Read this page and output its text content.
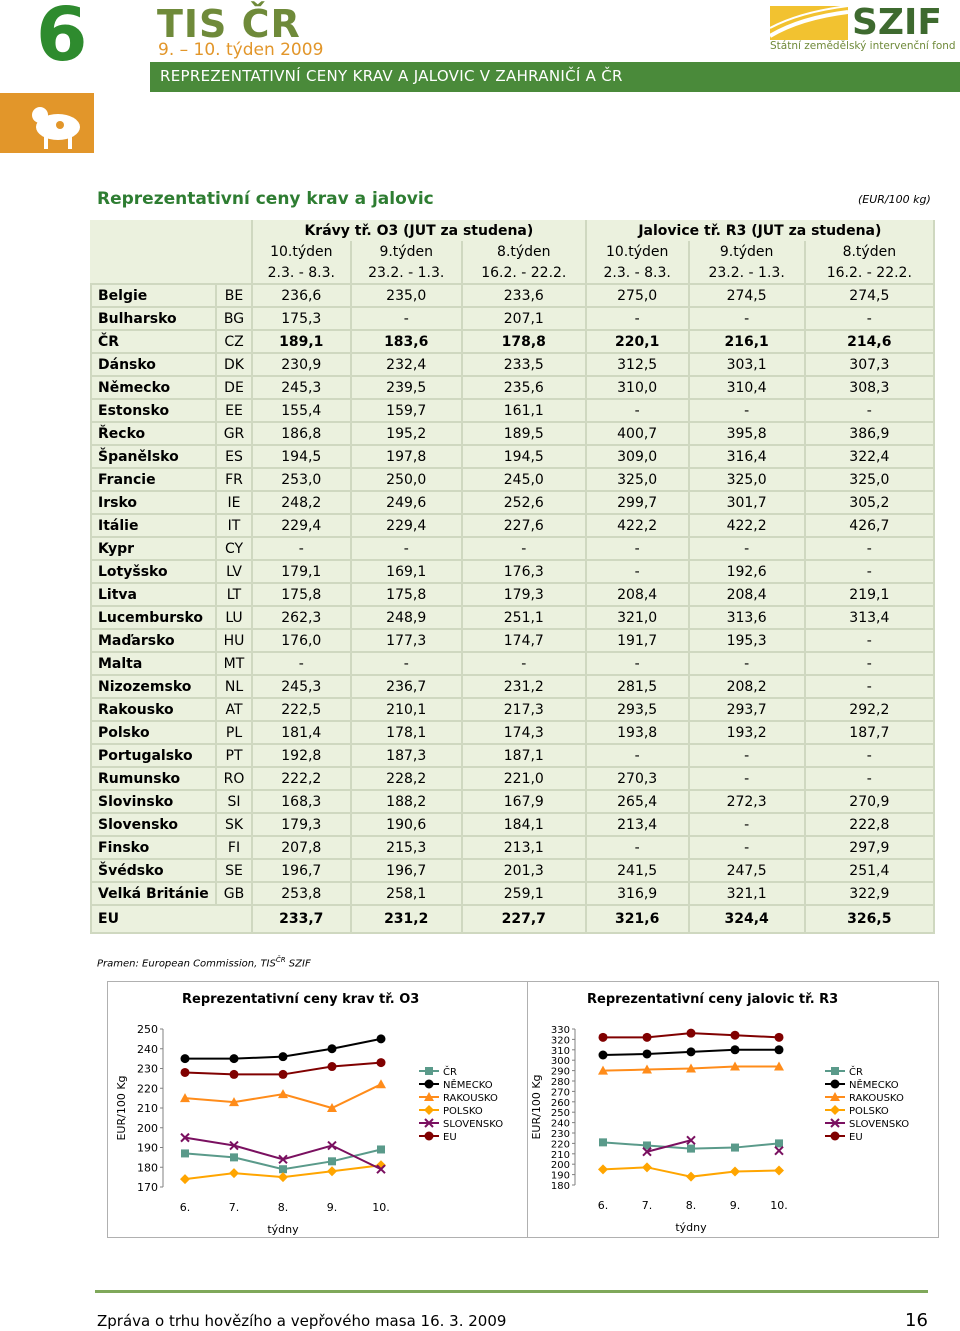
6 TIS ČR
9. – 10. týden 2009
REPREZENTATIVNÍ CENY KRAV A JALOVIC V ZAHRANIČÍ A ČR
SZIF
Státní zemědělský intervenční fond
Reprezentativní ceny krav a jalovic	(EUR/100 kg)
		Krávy tř. O3 (JUT za studena)			Jalovice tř. R3 (JUT za studena)		
		10.týden	9.týden	8.týden	10.týden	9.týden	8.týden
		2.3. - 8.3.	23.2. - 1.3.	16.2. - 22.2.	2.3. - 8.3.	23.2. - 1.3.	16.2. - 22.2.
Belgie	BE	236,6	235,0	233,6	275,0	274,5	274,5
Bulharsko	BG	175,3	-	207,1	-	-	-
ČR	CZ	189,1	183,6	178,8	220,1	216,1	214,6
Dánsko	DK	230,9	232,4	233,5	312,5	303,1	307,3
Německo	DE	245,3	239,5	235,6	310,0	310,4	308,3
Estonsko	EE	155,4	159,7	161,1	-	-	-
Řecko	GR	186,8	195,2	189,5	400,7	395,8	386,9
Španělsko	ES	194,5	197,8	194,5	309,0	316,4	322,4
Francie	FR	253,0	250,0	245,0	325,0	325,0	325,0
Irsko	IE	248,2	249,6	252,6	299,7	301,7	305,2
Itálie	IT	229,4	229,4	227,6	422,2	422,2	426,7
Kypr	CY	-	-	-	-	-	-
Lotyšsko	LV	179,1	169,1	176,3	-	192,6	-
Litva	LT	175,8	175,8	179,3	208,4	208,4	219,1
Lucembursko	LU	262,3	248,9	251,1	321,0	313,6	313,4
Maďarsko	HU	176,0	177,3	174,7	191,7	195,3	-
Malta	MT	-	-	-	-	-	-
Nizozemsko	NL	245,3	236,7	231,2	281,5	208,2	-
Rakousko	AT	222,5	210,1	217,3	293,5	293,7	292,2
Polsko	PL	181,4	178,1	174,3	193,8	193,2	187,7
Portugalsko	PT	192,8	187,3	187,1	-	-	-
Rumunsko	RO	222,2	228,2	221,0	270,3	-	-
Slovinsko	SI	168,3	188,2	167,9	265,4	272,3	270,9
Slovensko	SK	179,3	190,6	184,1	213,4	-	222,8
Finsko	FI	207,8	215,3	213,1	-	-	297,9
Švédsko	SE	196,7	196,7	201,3	241,5	247,5	251,4
Velká Británie	GB	253,8	258,1	259,1	316,9	321,1	322,9
EU		233,7	231,2	227,7	321,6	324,4	326,5
Pramen: European Commission, $TIS^{ČR}$ SZIF
Reprezentativní ceny krav tř. O3
170
180
190
200
210
220
230
240
250
6.	7.	8.	9.	10.
týdny
EUR/100 Kg
ČR
NĚMECKO
RAKOUSKO
POLSKO
SLOVENSKO
EU
Reprezentativní ceny jalovic tř. R3
180
190
200
210
220
230
240
250
260
270
280
290
300
310
320
330
6.	7.	8.	9.	10.
týdny
EUR/100 Kg
ČR
NĚMECKO
RAKOUSKO
POLSKO
SLOVENSKO
EU
Zpráva o trhu hovězího a vepřového masa 16. 3. 2009	16
